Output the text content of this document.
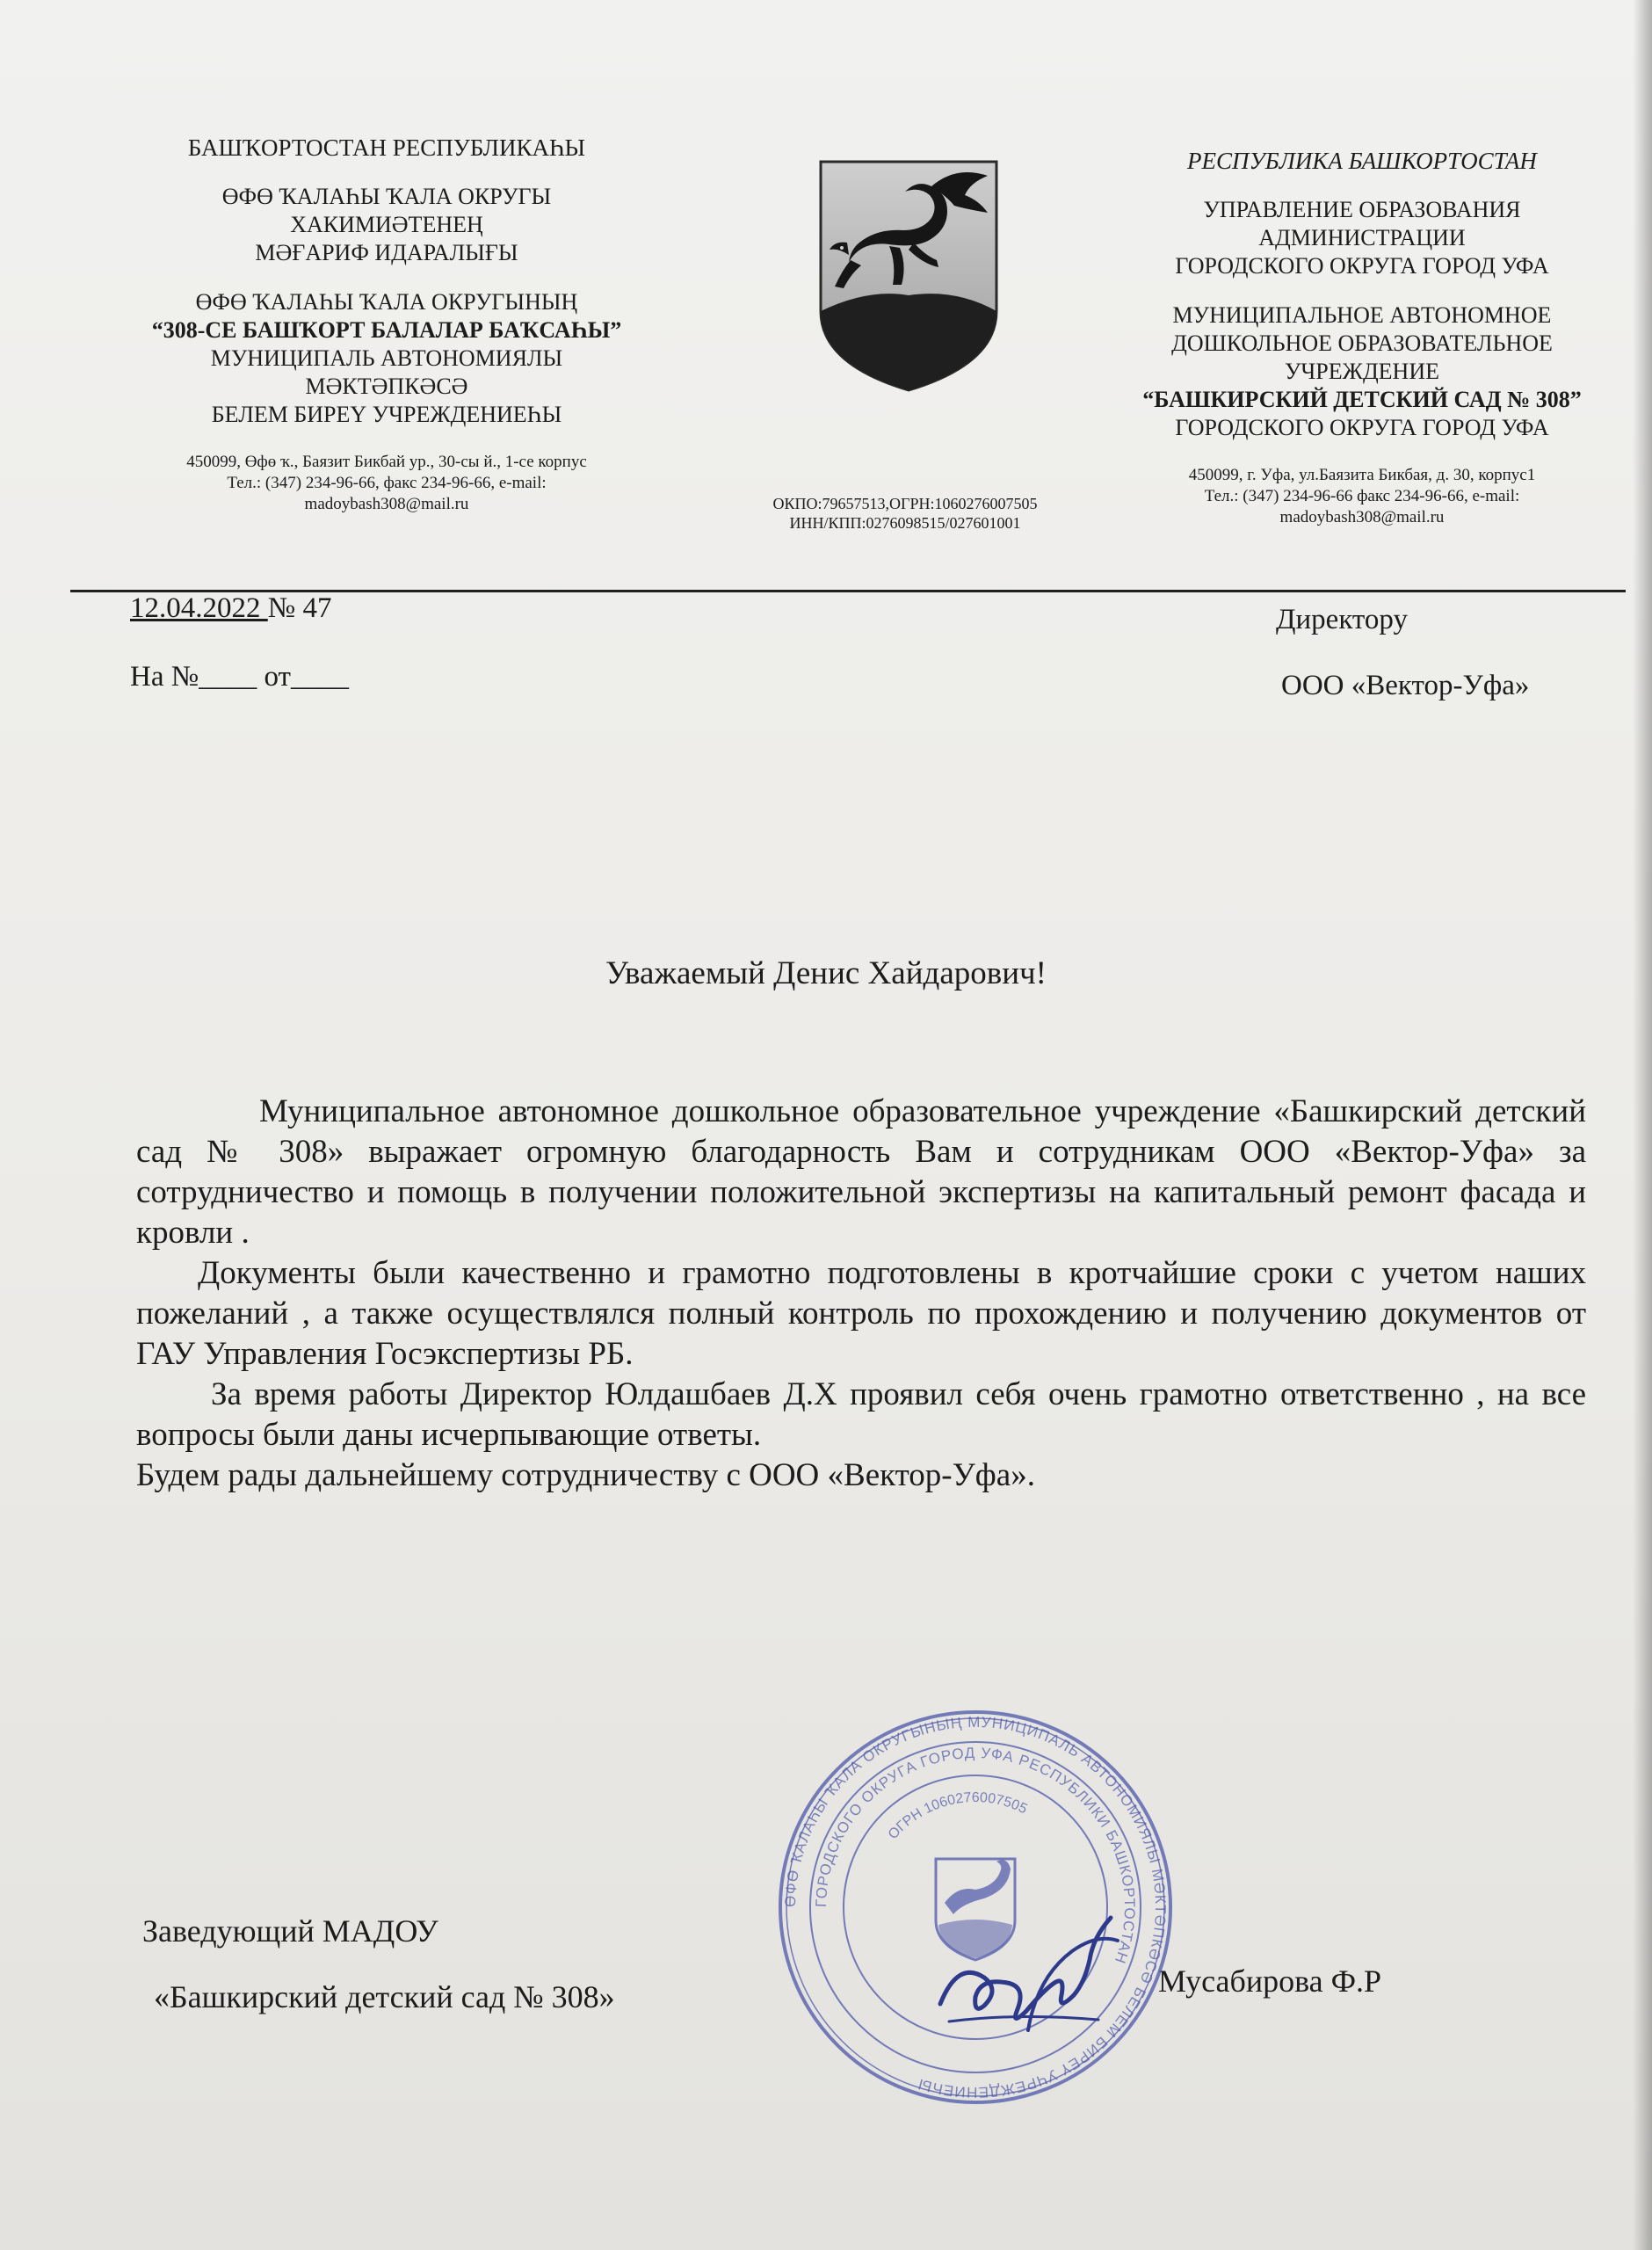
БАШҠОРТОСТАН РЕСПУБЛИКАҺЫ
ӨФӨ ҠАЛАҺЫ ҠАЛА ОКРУГЫ
ХАКИМИӘТЕНЕҢ
МӘҒАРИФ ИДАРАЛЫҒЫ
ӨФӨ ҠАЛАҺЫ ҠАЛА ОКРУГЫНЫҢ
“308-СЕ БАШҠОРТ БАЛАЛАР БАҠСАҺЫ”
МУНИЦИПАЛЬ АВТОНОМИЯЛЫ
МӘКТӘПКӘСӘ
БЕЛЕМ БИРЕҮ УЧРЕЖДЕНИЕҺЫ
450099, Өфө ҡ., Баязит Бикбай ур., 30-сы й., 1-се корпус
Тел.: (347) 234-96-66, факс 234-96-66, e-mail:
madoybash308@mail.ru	ОКПО:79657513,ОГРН:1060276007505
ИНН/КПП:0276098515/027601001
РЕСПУБЛИКА БАШКОРТОСТАН
УПРАВЛЕНИЕ ОБРАЗОВАНИЯ
АДМИНИСТРАЦИИ
ГОРОДСКОГО ОКРУГА ГОРОД УФА
МУНИЦИПАЛЬНОЕ АВТОНОМНОЕ
ДОШКОЛЬНОЕ ОБРАЗОВАТЕЛЬНОЕ
УЧРЕЖДЕНИЕ
“БАШКИРСКИЙ ДЕТСКИЙ САД № 308”
ГОРОДСКОГО ОКРУГА ГОРОД УФА
450099, г. Уфа, ул.Баязита Бикбая, д. 30, корпус1
Тел.: (347) 234-96-66 факс 234-96-66, e-mail:
madoybash308@mail.ru
12.04.2022 № 47
На №____ от____
Директору
ООО «Вектор-Уфа»
Уважаемый Денис Хайдарович!

Муниципальное автономное дошкольное образовательное учреждение «Башкирский детский сад № 308» выражает огромную благодарность Вам и сотрудникам ООО «Вектор-Уфа» за сотрудничество и помощь в получении положительной экспертизы на капитальный ремонт фасада и кровли .

Документы были качественно и грамотно подготовлены в кротчайшие сроки с учетом наших пожеланий , а также осуществлялся полный контроль по прохождению и получению документов от ГАУ Управления Госэкспертизы РБ.

За время работы Директор Юлдашбаев Д.Х проявил себя очень грамотно ответственно , на все вопросы были даны исчерпывающие ответы.

Будем рады дальнейшему сотрудничеству с ООО «Вектор-Уфа».

Заведующий МАДОУ
«Башкирский детский сад № 308»	Мусабирова Ф.Р
ӨФӨ ҠАЛАҺЫ ҠАЛА ОКРУГЫНЫҢ МУНИЦИПАЛЬ АВТОНОМИЯЛЫ МӘКТӘПКӘСӘ БЕЛЕМ БИРЕҮ УЧРЕЖДЕНИЕҺЫ
ГОРОДСКОГО ОКРУГА ГОРОД УФА РЕСПУБЛИКИ БАШКОРТОСТАН
ОГРН 1060276007505
